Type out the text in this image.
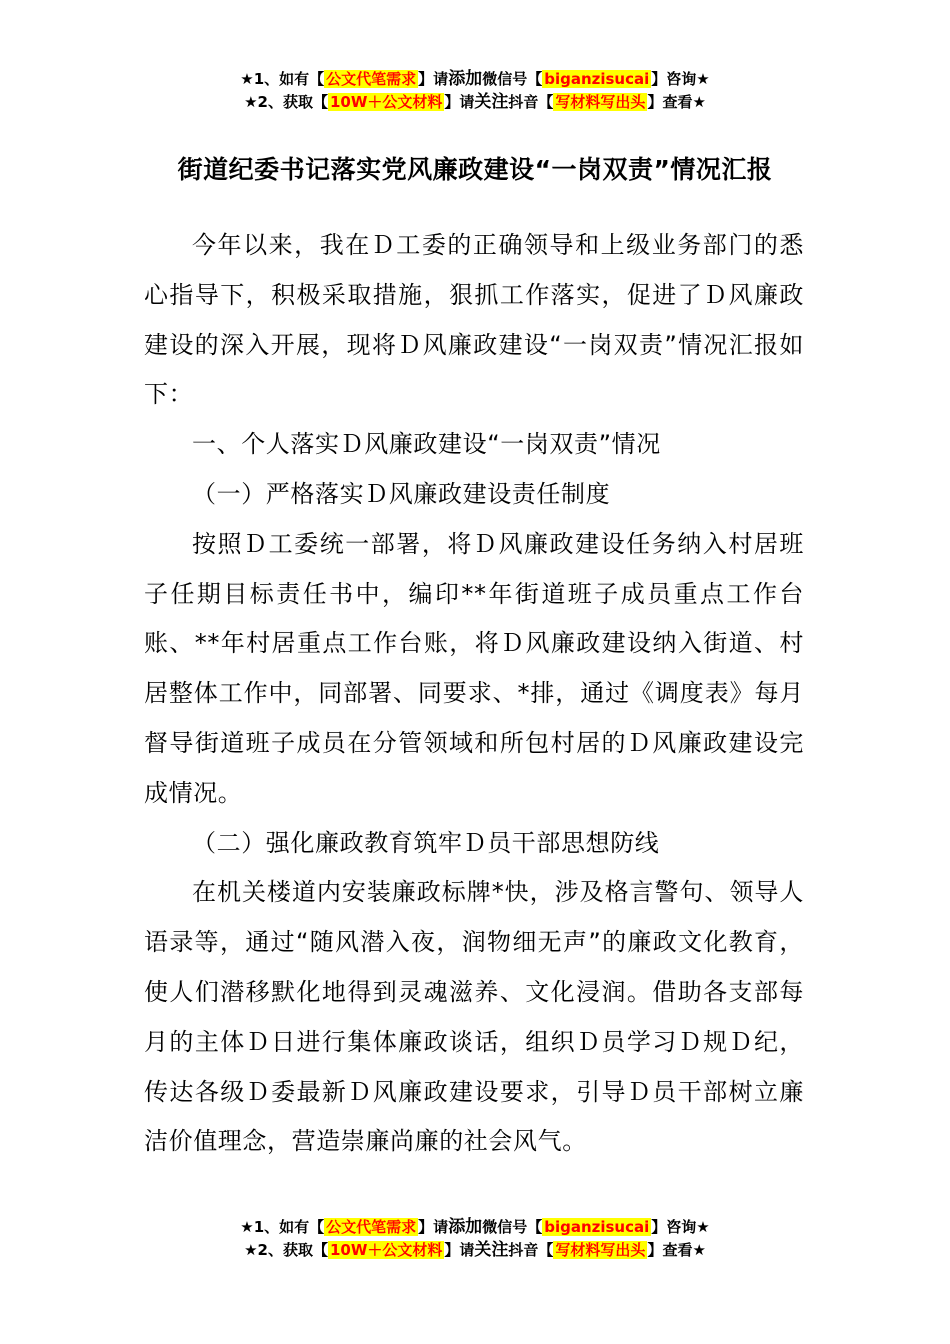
★1、如有【 公文代笔需求 】请添加微信号【 biganzisucai 】咨询★
★2、获取【 10W＋公文材料 】请关注抖音【 写材料写出头 】查看★
街道纪委书记落实党风廉政建设“一岗双责”情况汇报

今年以来，我在Ｄ工委的正确领导和上级业务部门的悉心指导下，积极采取措施，狠抓工作落实，促进了Ｄ风廉政建设的深入开展，现将Ｄ风廉政建设“一岗双责”情况汇报如下：

一、个人落实Ｄ风廉政建设“一岗双责”情况

（一）严格落实Ｄ风廉政建设责任制度

按照Ｄ工委统一部署，将Ｄ风廉政建设任务纳入村居班子任期目标责任书中，编印**年街道班子成员重点工作台账、**年村居重点工作台账，将Ｄ风廉政建设纳入街道、村居整体工作中，同部署、同要求、*排，通过《调度表》每月督导街道班子成员在分管领域和所包村居的Ｄ风廉政建设完成情况。

（二）强化廉政教育筑牢Ｄ员干部思想防线

在机关楼道内安装廉政标牌*快，涉及格言警句、领导人语录等，通过“随风潜入夜，润物细无声”的廉政文化教育，使人们潜移默化地得到灵魂滋养、文化浸润。借助各支部每月的主体Ｄ日进行集体廉政谈话，组织Ｄ员学习Ｄ规Ｄ纪，传达各级Ｄ委最新Ｄ风廉政建设要求，引导Ｄ员干部树立廉洁价值理念，营造崇廉尚廉的社会风气。

★1、如有【 公文代笔需求 】请添加微信号【 biganzisucai 】咨询★
★2、获取【 10W＋公文材料 】请关注抖音【 写材料写出头 】查看★
